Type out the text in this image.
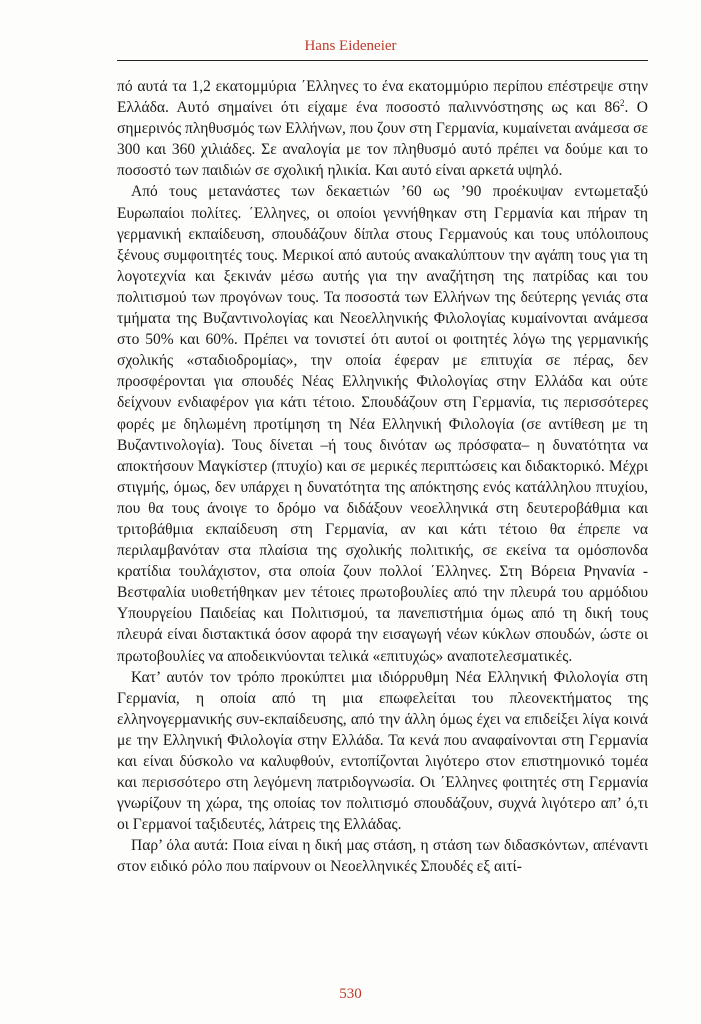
Hans Eideneier

πό αυτά τα 1,2 εκατομμύρια ΄Ελληνες το ένα εκατομμύριο περίπου επέστρεψε στην Ελλάδα. Αυτό σημαίνει ότι είχαμε ένα ποσοστό παλιννόστησης ως και $86^2$. Ο σημερινός πληθυσμός των Ελλήνων, που ζουν στη Γερμανία, κυμαίνεται ανάμεσα σε 300 και 360 χιλιάδες. Σε αναλογία με τον πληθυσμό αυτό πρέπει να δούμε και το ποσοστό των παιδιών σε σχολική ηλικία. Και αυτό είναι αρκετά υψηλό.

Από τους μετανάστες των δεκαετιών ’60 ως ’90 προέκυψαν εντωμεταξύ Ευρωπαίοι πολίτες. ΄Ελληνες, οι οποίοι γεννήθηκαν στη Γερμανία και πήραν τη γερμανική εκπαίδευση, σπουδάζουν δίπλα στους Γερμανούς και τους υπόλοιπους ξένους συμφοιτητές τους. Μερικοί από αυτούς ανακαλύπτουν την αγάπη τους για τη λογοτεχνία και ξεκινάν μέσω αυτής για την αναζήτηση της πατρίδας και του πολιτισμού των προγόνων τους. Τα ποσοστά των Ελλήνων της δεύτερης γενιάς στα τμήματα της Βυζαντινολογίας και Νεοελληνικής Φιλολογίας κυμαίνονται ανάμεσα στο 50% και 60%. Πρέπει να τονιστεί ότι αυτοί οι φοιτητές λόγω της γερμανικής σχολικής «σταδιοδρομίας», την οποία έφεραν με επιτυχία σε πέρας, δεν προσφέρονται για σπουδές Νέας Ελληνικής Φιλολογίας στην Ελλάδα και ούτε δείχνουν ενδιαφέρον για κάτι τέτοιο. Σπουδάζουν στη Γερμανία, τις περισσότερες φορές με δηλωμένη προτίμηση τη Νέα Ελληνική Φιλολογία (σε αντίθεση με τη Βυζαντινολογία). Τους δίνεται –ή τους δινόταν ως πρόσφατα– η δυνατότητα να αποκτήσουν Μαγκίστερ (πτυχίο) και σε μερικές περιπτώσεις και διδακτορικό. Μέχρι στιγμής, όμως, δεν υπάρχει η δυνατότητα της απόκτησης ενός κατάλληλου πτυχίου, που θα τους άνοιγε το δρόμο να διδάξουν νεοελληνικά στη δευτεροβάθμια και τριτοβάθμια εκπαίδευση στη Γερμανία, αν και κάτι τέτοιο θα έπρεπε να περιλαμβανόταν στα πλαίσια της σχολικής πολιτικής, σε εκείνα τα ομόσπονδα κρατίδια τουλάχιστον, στα οποία ζουν πολλοί ΄Ελληνες. Στη Βόρεια Ρηνανία - Βεστφαλία υιοθετήθηκαν μεν τέτοιες πρωτοβουλίες από την πλευρά του αρμόδιου Υπουργείου Παιδείας και Πολιτισμού, τα πανεπιστήμια όμως από τη δική τους πλευρά είναι διστακτικά όσον αφορά την εισαγωγή νέων κύκλων σπουδών, ώστε οι πρωτοβουλίες να αποδεικνύονται τελικά «επιτυχώς» αναποτελεσματικές.

Κατ’ αυτόν τον τρόπο προκύπτει μια ιδιόρρυθμη Νέα Ελληνική Φιλολογία στη Γερμανία, η οποία από τη μια επωφελείται του πλεονεκτήματος της ελληνογερμανικής συν-εκπαίδευσης, από την άλλη όμως έχει να επιδείξει λίγα κοινά με την Ελληνική Φιλολογία στην Ελλάδα. Τα κενά που αναφαίνονται στη Γερμανία και είναι δύσκολο να καλυφθούν, εντοπίζονται λιγότερο στον επιστημονικό τομέα και περισσότερο στη λεγόμενη πατριδογνωσία. Οι ΄Ελληνες φοιτητές στη Γερμανία γνωρίζουν τη χώρα, της οποίας τον πολιτισμό σπουδάζουν, συχνά λιγότερο απ’ ό,τι οι Γερμανοί ταξιδευτές, λάτρεις της Ελλάδας.

Παρ’ όλα αυτά: Ποια είναι η δική μας στάση, η στάση των διδασκόντων, απέναντι στον ειδικό ρόλο που παίρνουν οι Νεοελληνικές Σπουδές εξ αιτί-

530
